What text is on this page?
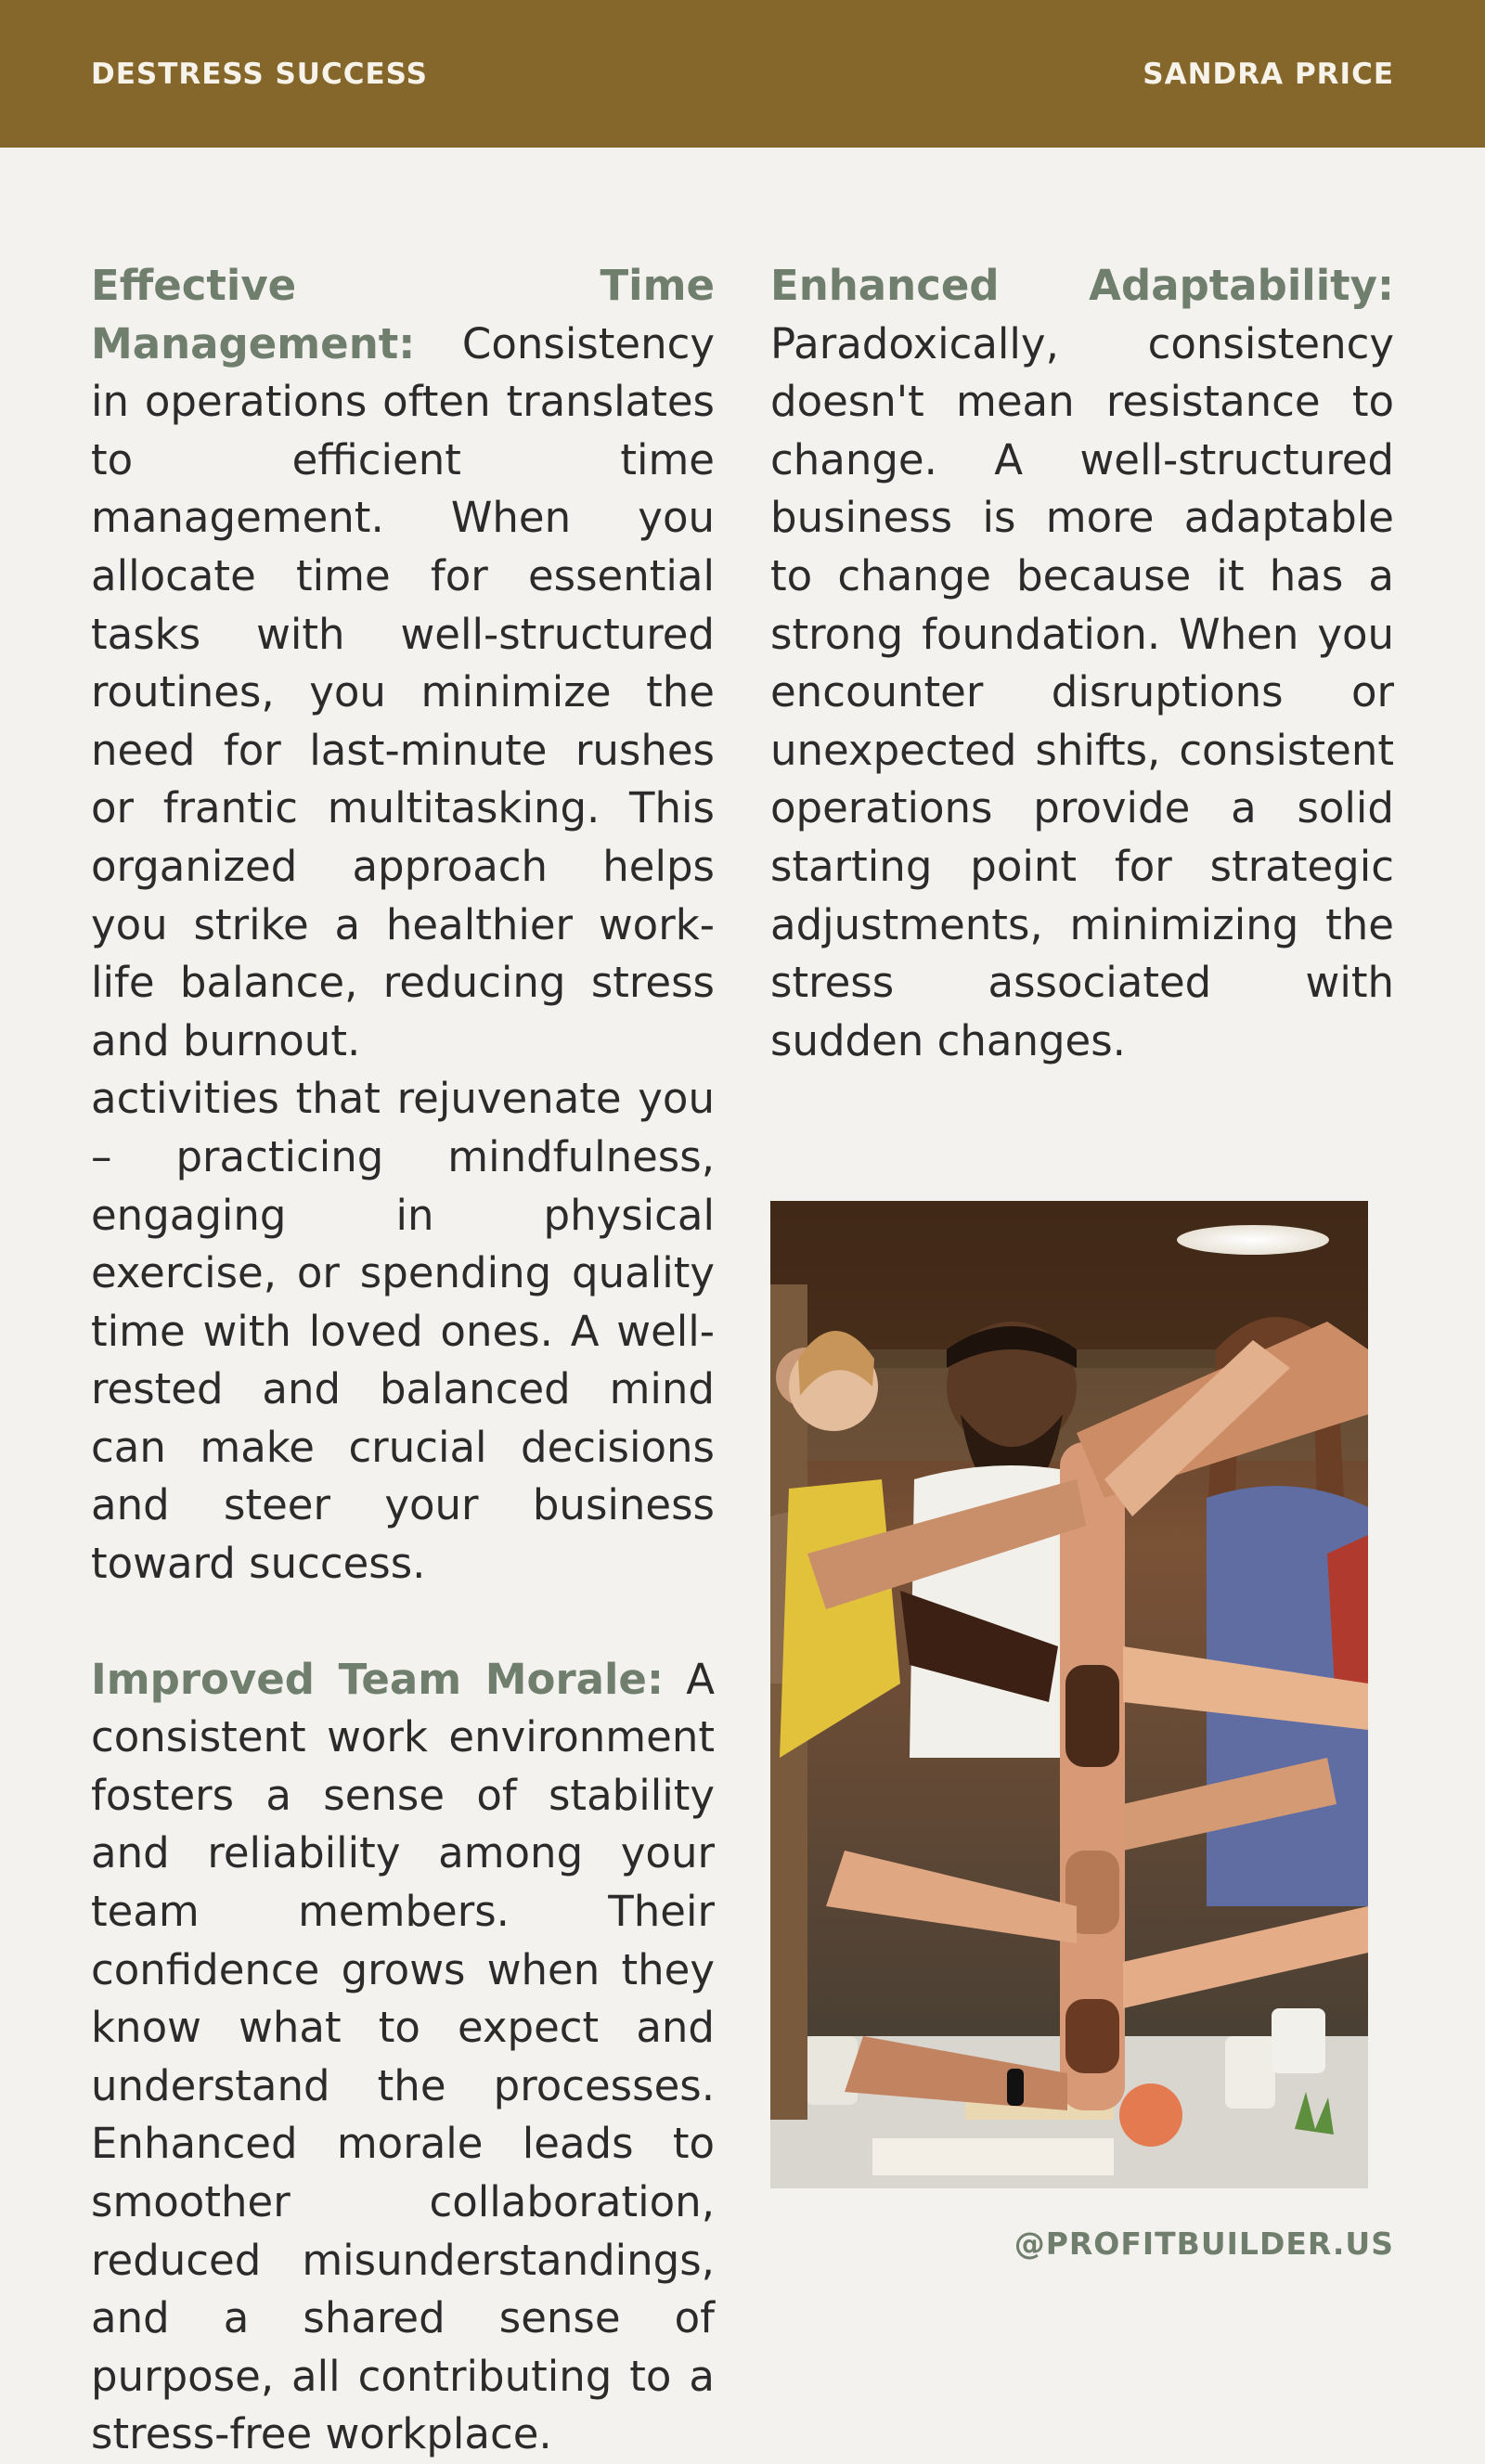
DESTRESS SUCCESS	SANDRA PRICE

Effective Time Management: Consistency in operations often translates to efficient time management. When you allocate time for essential tasks with well-structured routines, you minimize the need for last-minute rushes or frantic multitasking. This organized approach helps you strike a healthier work-life balance, reducing stress and burnout.

activities that rejuvenate you – practicing mindfulness, engaging in physical exercise, or spending quality time with loved ones. A well-rested and balanced mind can make crucial decisions and steer your business toward success.

Improved Team Morale: A consistent work environment fosters a sense of stability and reliability among your team members. Their confidence grows when they know what to expect and understand the processes. Enhanced morale leads to smoother collaboration, reduced misunderstandings, and a shared sense of purpose, all contributing to a stress-free workplace.

Enhanced Adaptability: Paradoxically, consistency doesn't mean resistance to change. A well-structured business is more adaptable to change because it has a strong foundation. When you encounter disruptions or unexpected shifts, consistent operations provide a solid starting point for strategic adjustments, minimizing the stress associated with sudden changes.

@PROFITBUILDER.US
